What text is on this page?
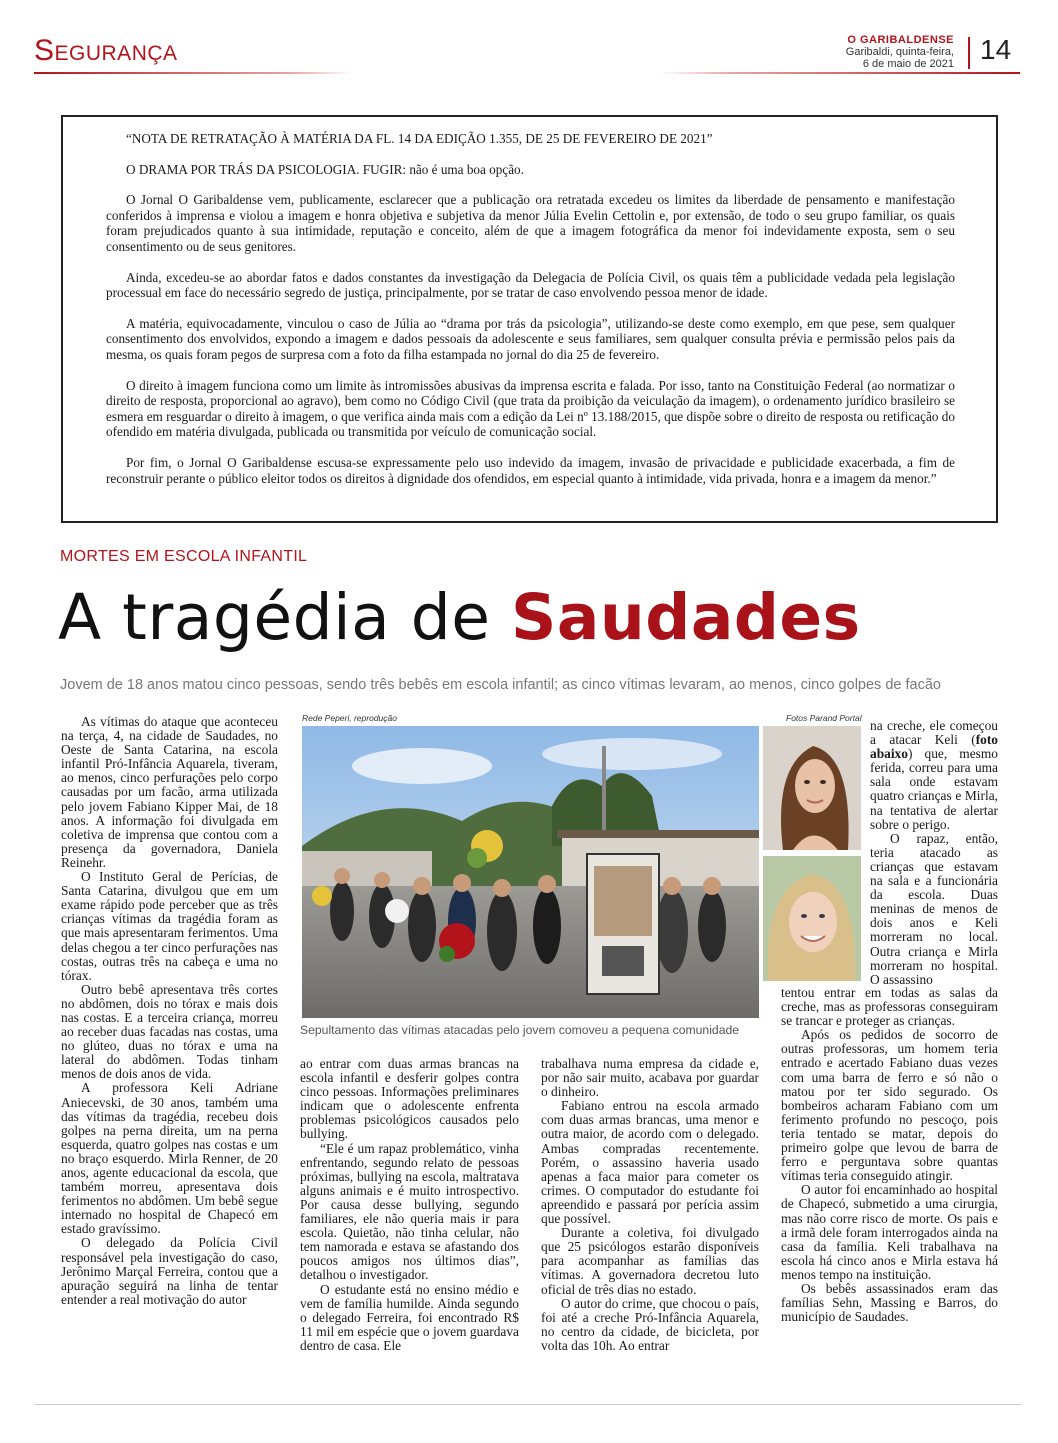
Segurança	O GARIBALDENSE
Garibaldi, quinta-feira,
6 de maio de 2021 14

“NOTA DE RETRATAÇÃO À MATÉRIA DA FL. 14 DA EDIÇÃO 1.355, DE 25 DE FEVEREIRO DE 2021”

O DRAMA POR TRÁS DA PSICOLOGIA. FUGIR: não é uma boa opção.

O Jornal O Garibaldense vem, publicamente, esclarecer que a publicação ora retratada excedeu os limites da liberdade de pensamento e manifestação conferidos à imprensa e violou a imagem e honra objetiva e subjetiva da menor Júlia Evelin Cettolin e, por extensão, de todo o seu grupo familiar, os quais foram prejudicados quanto à sua intimidade, reputação e conceito, além de que a imagem fotográfica da menor foi indevidamente exposta, sem o seu consentimento ou de seus genitores.

Ainda, excedeu-se ao abordar fatos e dados constantes da investigação da Delegacia de Polícia Civil, os quais têm a publicidade vedada pela legislação processual em face do necessário segredo de justiça, principalmente, por se tratar de caso envolvendo pessoa menor de idade.

A matéria, equivocadamente, vinculou o caso de Júlia ao “drama por trás da psicologia”, utilizando-se deste como exemplo, em que pese, sem qualquer consentimento dos envolvidos, expondo a imagem e dados pessoais da adolescente e seus familiares, sem qualquer consulta prévia e permissão pelos pais da mesma, os quais foram pegos de surpresa com a foto da filha estampada no jornal do dia 25 de fevereiro.

O direito à imagem funciona como um limite às intromissões abusivas da imprensa escrita e falada. Por isso, tanto na Constituição Federal (ao normatizar o direito de resposta, proporcional ao agravo), bem como no Código Civil (que trata da proibição da veiculação da imagem), o ordenamento jurídico brasileiro se esmera em resguardar o direito à imagem, o que verifica ainda mais com a edição da Lei nº 13.188/2015, que dispõe sobre o direito de resposta ou retificação do ofendido em matéria divulgada, publicada ou transmitida por veículo de comunicação social.

Por fim, o Jornal O Garibaldense escusa-se expressamente pelo uso indevido da imagem, invasão de privacidade e publicidade exacerbada, a fim de reconstruir perante o público eleitor todos os direitos à dignidade dos ofendidos, em especial quanto à intimidade, vida privada, honra e a imagem da menor.”

MORTES EM ESCOLA INFANTIL
A tragédia de Saudades
Jovem de 18 anos matou cinco pessoas, sendo três bebês em escola infantil; as cinco vítimas levaram, ao menos, cinco golpes de facão

As vítimas do ataque que aconteceu na terça, 4, na cidade de Saudades, no Oeste de Santa Catarina, na escola infantil Pró-Infância Aquarela, tiveram, ao menos, cinco perfurações pelo corpo causadas por um facão, arma utilizada pelo jovem Fabiano Kipper Mai, de 18 anos. A informação foi divulgada em coletiva de imprensa que contou com a presença da governadora, Daniela Reinehr.

O Instituto Geral de Perícias, de Santa Catarina, divulgou que em um exame rápido pode perceber que as três crianças vítimas da tragédia foram as que mais apresentaram ferimentos. Uma delas chegou a ter cinco perfurações nas costas, outras três na cabeça e uma no tórax.

Outro bebê apresentava três cortes no abdômen, dois no tórax e mais dois nas costas. E a terceira criança, morreu ao receber duas facadas nas costas, uma no glúteo, duas no tórax e uma na lateral do abdômen. Todas tinham menos de dois anos de vida.

A professora Keli Adriane Aniecevski, de 30 anos, também uma das vítimas da tragédia, recebeu dois golpes na perna direita, um na perna esquerda, quatro golpes nas costas e um no braço esquerdo. Mirla Renner, de 20 anos, agente educacional da escola, que também morreu, apresentava dois ferimentos no abdômen. Um bebê segue internado no hospital de Chapecó em estado gravíssimo.

O delegado da Polícia Civil responsável pela investigação do caso, Jerônimo Marçal Ferreira, contou que a apuração seguirá na linha de tentar entender a real motivação do autor

Rede Peperi, reprodução	Fotos Parand Portal
Sepultamento das vítimas atacadas pelo jovem comoveu a pequena comunidade

ao entrar com duas armas brancas na escola infantil e desferir golpes contra cinco pessoas. Informações preliminares indicam que o adolescente enfrenta problemas psicológicos causados pelo bullying.

“Ele é um rapaz problemático, vinha enfrentando, segundo relato de pessoas próximas, bullying na escola, maltratava alguns animais e é muito introspectivo. Por causa desse bullying, segundo familiares, ele não queria mais ir para escola. Quietão, não tinha celular, não tem namorada e estava se afastando dos poucos amigos nos últimos dias”, detalhou o investigador.

O estudante está no ensino médio e vem de família humilde. Ainda segundo o delegado Ferreira, foi encontrado R$ 11 mil em espécie que o jovem guardava dentro de casa. Ele

trabalhava numa empresa da cidade e, por não sair muito, acabava por guardar o dinheiro.

Fabiano entrou na escola armado com duas armas brancas, uma menor e outra maior, de acordo com o delegado. Ambas compradas recentemente. Porém, o assassino haveria usado apenas a faca maior para cometer os crimes. O computador do estudante foi apreendido e passará por perícia assim que possível.

Durante a coletiva, foi divulgado que 25 psicólogos estarão disponíveis para acompanhar as famílias das vítimas. A governadora decretou luto oficial de três dias no estado.

O autor do crime, que chocou o país, foi até a creche Pró-Infância Aquarela, no centro da cidade, de bicicleta, por volta das 10h. Ao entrar

na creche, ele começou a atacar Keli (foto abaixo) que, mesmo ferida, correu para uma sala onde estavam quatro crianças e Mirla, na tentativa de alertar sobre o perigo.

O rapaz, então, teria atacado as crianças que estavam na sala e a funcionária da escola. Duas meninas de menos de dois anos e Keli morreram no local. Outra criança e Mirla morreram no hospital. O assassino

tentou entrar em todas as salas da creche, mas as professoras conseguiram se trancar e proteger as crianças.

Após os pedidos de socorro de outras professoras, um homem teria entrado e acertado Fabiano duas vezes com uma barra de ferro e só não o matou por ter sido segurado. Os bombeiros acharam Fabiano com um ferimento profundo no pescoço, pois teria tentado se matar, depois do primeiro golpe que levou de barra de ferro e perguntava sobre quantas vítimas teria conseguido atingir.

O autor foi encaminhado ao hospital de Chapecó, submetido a uma cirurgia, mas não corre risco de morte. Os pais e a irmã dele foram interrogados ainda na casa da família. Keli trabalhava na escola há cinco anos e Mirla estava há menos tempo na instituição.

Os bebês assassinados eram das famílias Sehn, Massing e Barros, do município de Saudades.
